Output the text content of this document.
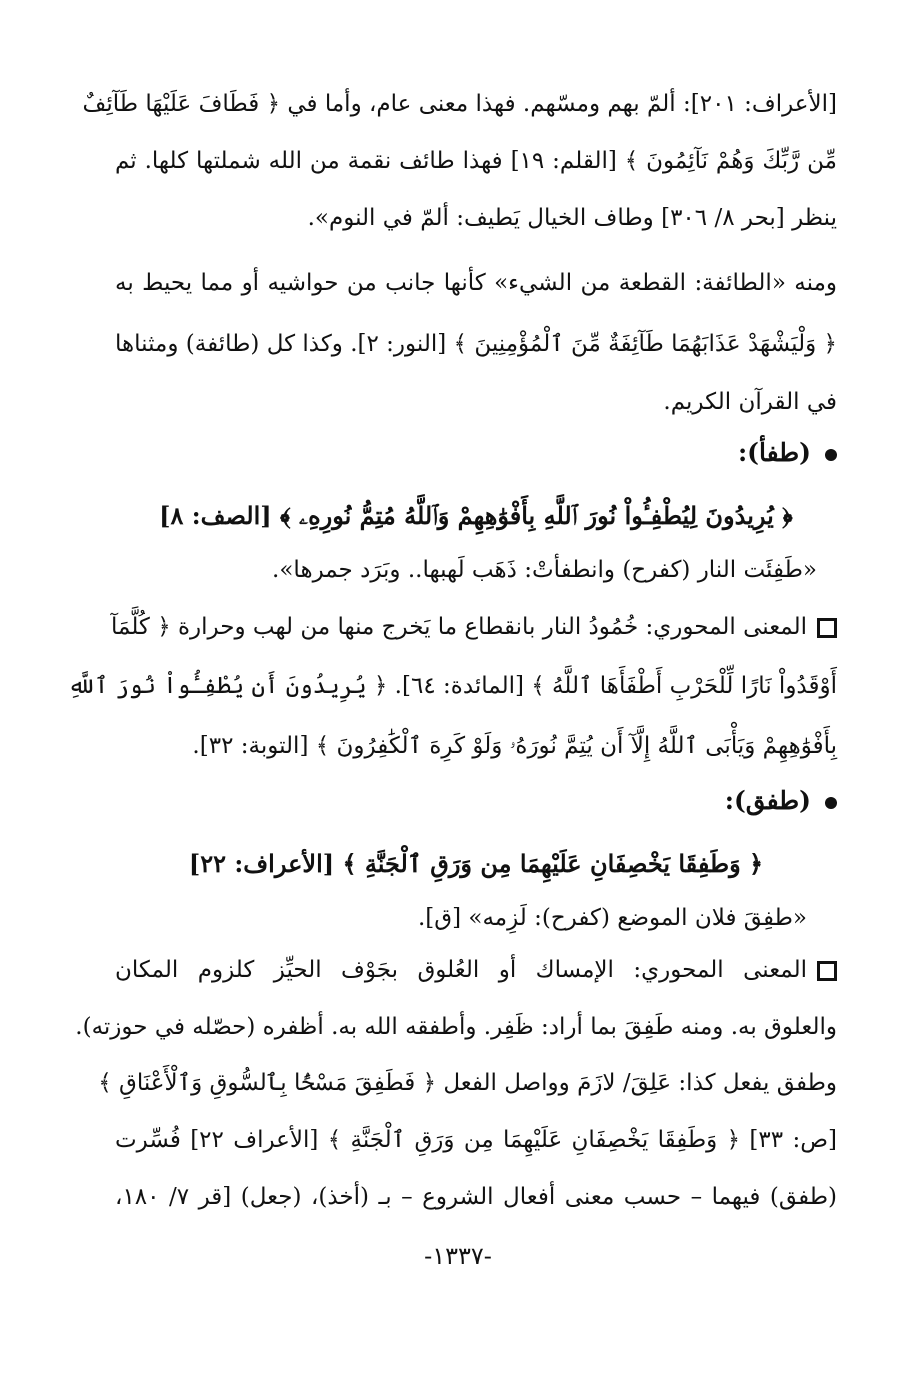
[الأعراف: ٢٠١]: ألمّ بهم ومسّهم. فهذا معنى عام، وأما في ﴿ فَطَافَ عَلَيْهَا طَآئِفٌ
مِّن رَّبِّكَ وَهُمْ نَآئِمُونَ ﴾ [القلم: ١٩] فهذا طائف نقمة من الله شملتها كلها. ثم
ينظر [بحر ٨/ ٣٠٦] وطاف الخيال يَطيف: ألمّ في النوم».
ومنه «الطائفة: القطعة من الشيء» كأنها جانب من حواشيه أو مما يحيط به
﴿ وَلْيَشْهَدْ عَذَابَهُمَا طَآئِفَةٌ مِّنَ ٱلْمُؤْمِنِينَ ﴾ [النور: ٢]. وكذا كل (طائفة) ومثناها
في القرآن الكريم.
(طفأ):
﴿ يُرِيدُونَ لِيُطْفِـُٔواْ نُورَ ٱللَّهِ بِأَفْوَٰهِهِمْ وَٱللَّهُ مُتِمُّ نُورِهِۦ ﴾ [الصف: ٨]
«طَفِئَت النار (كفرح) وانطفأتْ: ذَهَب لَهبها.. وبَرَد جمرها».
المعنى المحوري: خُمُودُ النار بانقطاع ما يَخرج منها من لهب وحرارة ﴿ كُلَّمَآ
أَوْقَدُواْ نَارًا لِّلْحَرْبِ أَطْفَأَهَا ٱللَّهُ ﴾ [المائدة: ٦٤]. ﴿ يُرِيدُونَ أَن يُطْفِـُٔواْ نُورَ ٱللَّهِ
بِأَفْوَٰهِهِمْ وَيَأْبَى ٱللَّهُ إِلَّآ أَن يُتِمَّ نُورَهُۥ وَلَوْ كَرِهَ ٱلْكَٰفِرُونَ ﴾ [التوبة: ٣٢].
(طفق):
﴿ وَطَفِقَا يَخْصِفَانِ عَلَيْهِمَا مِن وَرَقِ ٱلْجَنَّةِ ﴾ [الأعراف: ٢٢]
«طفِقَ فلان الموضع (كفرح): لَزِمه» [ق].
المعنى المحوري: الإمساك أو العُلوق بجَوْف الحيِّز كلزوم المكان
والعلوق به. ومنه طَفِقَ بما أراد: ظَفِر. وأطفقه الله به. أظفره (حصّله في حوزته).
وطفق يفعل كذا: عَلِقَ/ لازَمَ وواصل الفعل ﴿ فَطَفِقَ مَسْحًۢا بِٱلسُّوقِ وَٱلْأَعْنَاقِ ﴾
[ص: ٣٣] ﴿ وَطَفِقَا يَخْصِفَانِ عَلَيْهِمَا مِن وَرَقِ ٱلْجَنَّةِ ﴾ [الأعراف ٢٢] فُسِّرت
(طفق) فيهما – حسب معنى أفعال الشروع – بـ (أخذ)، (جعل) [قر ٧/ ١٨٠،
-١٣٣٧-
